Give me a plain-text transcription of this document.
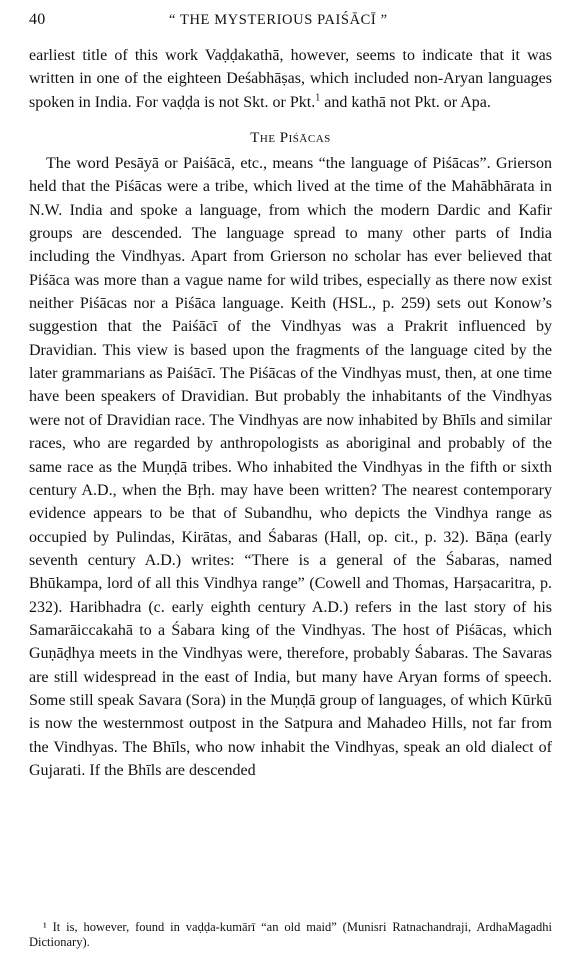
40	“ THE MYSTERIOUS PAIŚĀCĪ ”

earliest title of this work Vaḍḍakathā, however, seems to indicate that it was written in one of the eighteen Deśabhāṣas, which included non-Aryan languages spoken in India. For vaḍḍa is not Skt. or Pkt.$^1$ and kathā not Pkt. or Apa.

The Piśācas

The word Pesāyā or Paiśācā, etc., means “the language of Piśācas”. Grierson held that the Piśācas were a tribe, which lived at the time of the Mahābhārata in N.W. India and spoke a language, from which the modern Dardic and Kafir groups are descended. The language spread to many other parts of India including the Vindhyas. Apart from Grierson no scholar has ever believed that Piśāca was more than a vague name for wild tribes, especially as there now exist neither Piśācas nor a Piśāca language. Keith (HSL., p. 259) sets out Konow’s suggestion that the Paiśācī of the Vindhyas was a Prakrit influenced by Dravidian. This view is based upon the fragments of the language cited by the later grammarians as Paiśācī. The Piśācas of the Vindhyas must, then, at one time have been speakers of Dravidian. But probably the inhabitants of the Vindhyas were not of Dravidian race. The Vindhyas are now inhabited by Bhīls and similar races, who are regarded by anthropologists as aboriginal and probably of the same race as the Muṇḍā tribes. Who inhabited the Vindhyas in the fifth or sixth century A.D., when the Bṛh. may have been written? The nearest contemporary evidence appears to be that of Subandhu, who depicts the Vindhya range as occupied by Pulindas, Kirātas, and Śabaras (Hall, op. cit., p. 32). Bāṇa (early seventh century A.D.) writes: “There is a general of the Śabaras, named Bhūkampa, lord of all this Vindhya range” (Cowell and Thomas, Harṣacaritra, p. 232). Haribhadra (c. early eighth century A.D.) refers in the last story of his Samarāiccakahā to a Śabara king of the Vindhyas. The host of Piśācas, which Guṇāḍhya meets in the Vindhyas were, therefore, probably Śabaras. The Savaras are still widespread in the east of India, but many have Aryan forms of speech. Some still speak Savara (Sora) in the Muṇḍā group of languages, of which Kūrkū is now the westernmost outpost in the Satpura and Mahadeo Hills, not far from the Vindhyas. The Bhīls, who now inhabit the Vindhyas, speak an old dialect of Gujarati. If the Bhīls are descended

¹ It is, however, found in vaḍḍa-kumārī “an old maid” (Munisri Ratnachandraji, ArdhaMagadhi Dictionary).
